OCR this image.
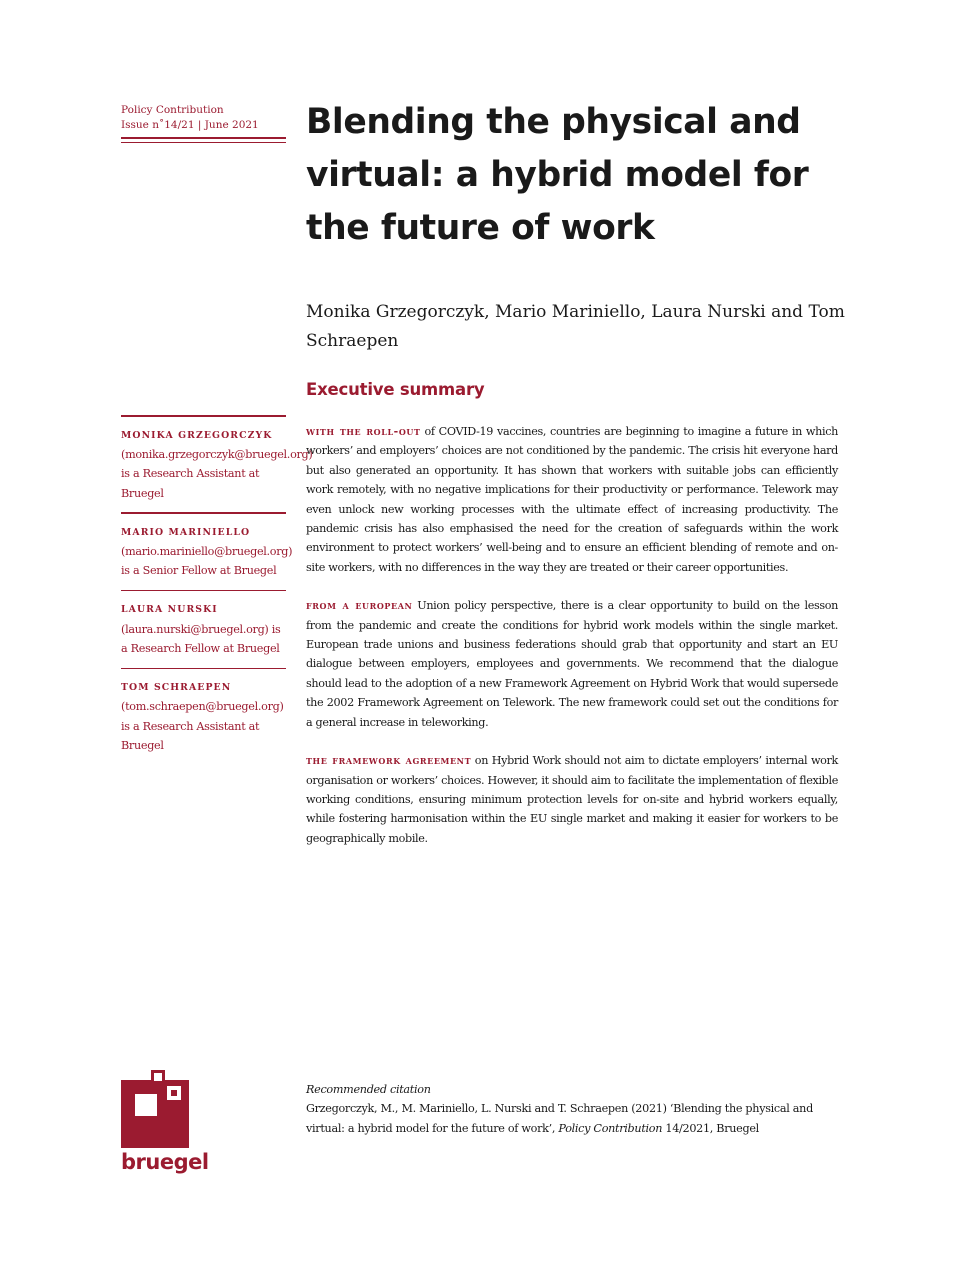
Policy Contribution
Issue n˚14/21 | June 2021	Blending the physical and virtual: a hybrid model for the future of work

Monika Grzegorczyk, Mario Mariniello, Laura Nurski and Tom Schraepen

Executive summary

with the roll-out of COVID-19 vaccines, countries are beginning to imagine a future in which workers’ and employers’ choices are not conditioned by the pandemic. The crisis hit everyone hard but also generated an opportunity. It has shown that workers with suitable jobs can efficiently work remotely, with no negative implications for their productivity or performance. Telework may even unlock new working processes with the ultimate effect of increasing productivity. The pandemic crisis has also emphasised the need for the creation of safeguards within the work environment to protect workers’ well-being and to ensure an efficient blending of remote and on-site workers, with no differences in the way they are treated or their career opportunities.

from a european Union policy perspective, there is a clear opportunity to build on the lesson from the pandemic and create the conditions for hybrid work models within the single market. European trade unions and business federations should grab that opportunity and start an EU dialogue between employers, employees and governments. We recommend that the dialogue should lead to the adoption of a new Framework Agreement on Hybrid Work that would supersede the 2002 Framework Agreement on Telework. The new framework could set out the conditions for a general increase in teleworking.

the framework agreement on Hybrid Work should not aim to dictate employers’ internal work organisation or workers’ choices. However, it should aim to facilitate the implementation of flexible working conditions, ensuring minimum protection levels for on-site and hybrid workers equally, while fostering harmonisation within the EU single market and making it easier for workers to be geographically mobile.

MONIKA GRZEGORCZYK (monika.grzegorczyk@bruegel.org) is a Research Assistant at Bruegel
MARIO MARINIELLO (mario.mariniello@bruegel.org) is a Senior Fellow at Bruegel
LAURA NURSKI (laura.nurski@bruegel.org) is a Research Fellow at Bruegel
TOM SCHRAEPEN (tom.schraepen@bruegel.org) is a Research Assistant at Bruegel
bruegel
Recommended citation
Grzegorczyk, M., M. Mariniello, L. Nurski and T. Schraepen (2021) ‘Blending the physical and virtual: a hybrid model for the future of work’, Policy Contribution 14/2021, Bruegel
